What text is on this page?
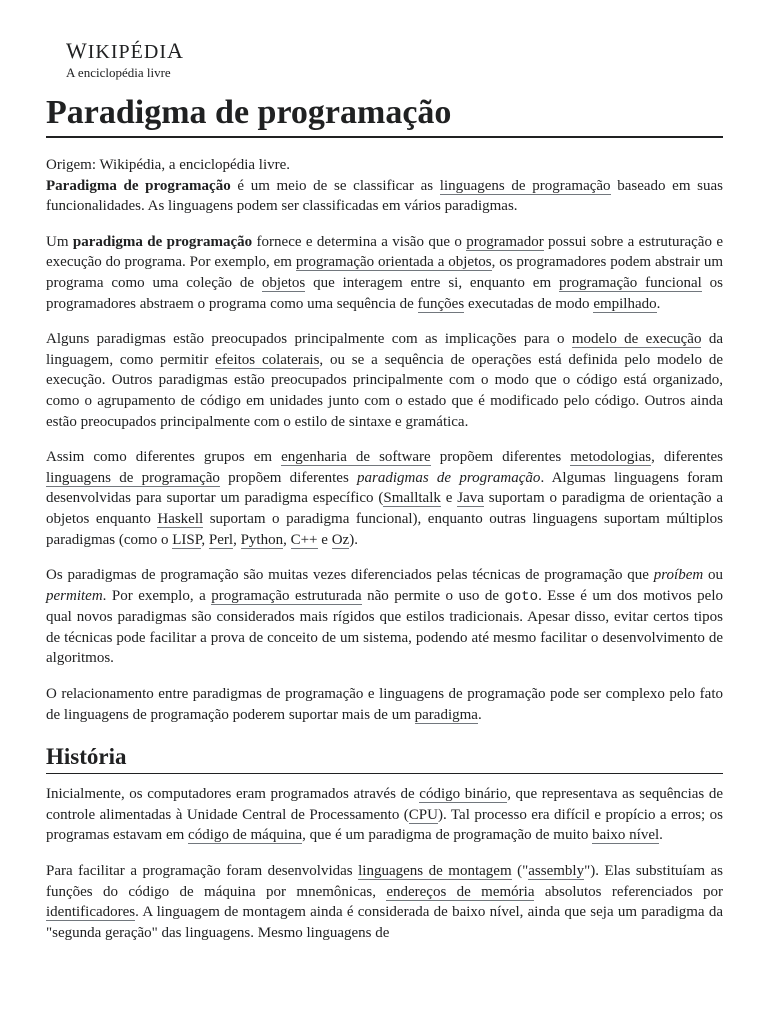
WIKIPÉDIA
A enciclopédia livre
Paradigma de programação

Origem: Wikipédia, a enciclopédia livre.

Paradigma de programação é um meio de se classificar as linguagens de programação baseado em suas funcionalidades. As linguagens podem ser classificadas em vários paradigmas.

Um paradigma de programação fornece e determina a visão que o programador possui sobre a estruturação e execução do programa. Por exemplo, em programação orientada a objetos, os programadores podem abstrair um programa como uma coleção de objetos que interagem entre si, enquanto em programação funcional os programadores abstraem o programa como uma sequência de funções executadas de modo empilhado.

Alguns paradigmas estão preocupados principalmente com as implicações para o modelo de execução da linguagem, como permitir efeitos colaterais, ou se a sequência de operações está definida pelo modelo de execução. Outros paradigmas estão preocupados principalmente com o modo que o código está organizado, como o agrupamento de código em unidades junto com o estado que é modificado pelo código. Outros ainda estão preocupados principalmente com o estilo de sintaxe e gramática.

Assim como diferentes grupos em engenharia de software propõem diferentes metodologias, diferentes linguagens de programação propõem diferentes paradigmas de programação. Algumas linguagens foram desenvolvidas para suportar um paradigma específico (Smalltalk e Java suportam o paradigma de orientação a objetos enquanto Haskell suportam o paradigma funcional), enquanto outras linguagens suportam múltiplos paradigmas (como o LISP, Perl, Python, C++ e Oz).

Os paradigmas de programação são muitas vezes diferenciados pelas técnicas de programação que proíbem ou permitem. Por exemplo, a programação estruturada não permite o uso de goto. Esse é um dos motivos pelo qual novos paradigmas são considerados mais rígidos que estilos tradicionais. Apesar disso, evitar certos tipos de técnicas pode facilitar a prova de conceito de um sistema, podendo até mesmo facilitar o desenvolvimento de algoritmos.

O relacionamento entre paradigmas de programação e linguagens de programação pode ser complexo pelo fato de linguagens de programação poderem suportar mais de um paradigma.

História

Inicialmente, os computadores eram programados através de código binário, que representava as sequências de controle alimentadas à Unidade Central de Processamento (CPU). Tal processo era difícil e propício a erros; os programas estavam em código de máquina, que é um paradigma de programação de muito baixo nível.

Para facilitar a programação foram desenvolvidas linguagens de montagem ("assembly"). Elas substituíam as funções do código de máquina por mnemônicas, endereços de memória absolutos referenciados por identificadores. A linguagem de montagem ainda é considerada de baixo nível, ainda que seja um paradigma da "segunda geração" das linguagens. Mesmo linguagens de
